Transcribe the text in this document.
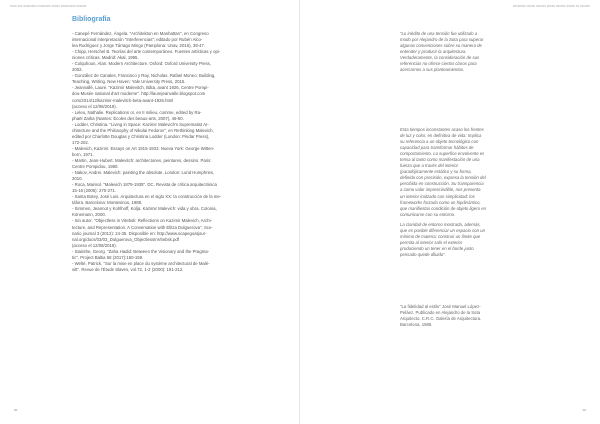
ISSN 000 00000000 00000000 00000 000000000 000000
Bibliografía
- Canepé Fernández, Ángela. "Architekton en Manhattan", en Congreso
internacional interpretación "Interferencias"; editado por Rubén Alco-
lea Rodríguez y Jorge Tárrago Mingo (Pamplona: Unav, 2016), 38-47.
- Chipp, Herschel B. Teorías del arte contemporáneo. Fuentes artísticas y opi-
niones críticas. Madrid: Akal, 1995.
- Colquhoun, Alan. Modern Architecture. Oxford: Oxford University Press,
2002.
- González de Canales, Francisco y Ray, Nicholas. Rafael Moneo: Building,
Teaching, Writing. New Haven: Yale University Press, 2015.
- Jeanvallé, Laure. "Kazimir Malevitch, Bâta, avant 1926, Centre Pompi-
dou-Musée national d'art moderne". http://laurejeanvalle.blogspot.com
com/2014/12/kazimir-malevitch-beta-avant-1926.html
(acceso el 12/08/2019).
- Leleu, Nathalie. Replications or, en II milieu, comme, edited by Ra-
phaël Zarka (Nantes: Écoles des beaux-arts, 2007), 46-60.
- Lodder, Christina. "Living in Space: Kazimir Malevich's Suprematist Ar-
chitecture and the Philosophy of Nikolai Fedorov", en Rethinking Malevich,
edited por Charlotte Douglas y Christina Lodder (London: Pindar Press),
172-202.
- Malevich, Kazimir. Essays on Art 1915-1933. Nueva York: George Witten-
born, 1971.
- Martin, Jean-Hubert. Malevitch: architectones, peintures, dessins. Paris:
Centre Pompidou, 1980.
- Nakov, Andrei. Malevich: painting the absolute. London: Lund Humphries,
2010.
- Roca, Marisol. "Malevich 1879-1935". DC. Revista de crítica arquitectónica
15-16 (2006): 270-271.
- Santa Botey, José Luis. Arquitectura en el siglo XX: la construcción de la me-
táfora. Barcelona: Montesinos, 1988.
- Simmen, Jeannot y Kohlhoff, Kolja. Kazimir Malevich: vida y obra. Colonia,
Könemann, 2000.
- Sin autor. "Objectless in Vitebsk: Reflections on Kazimir Malevich, Archi-
tecture, and Representation. A Conversation with Elitza Dulguerova", Sce-
nario journal 3 (2012): 24-35. Disponible en: http://www.scapegoatjour-
nal.org/docs/03/03_Dulguerova_ObjectlessInVitebsk.pdf
(acceso el 12/08/2019).
- Stainthe, Georg. "Zaha Hadid: Between the Visionary and the Pragma-
tic". Project Baltia 58 (2017):150-159.
- Welté, Patrick. "Sur la mise en place du système architectural de Malé-
vitt". Revue de l'Étude Slaves, vol.72, 1-2 (2000): 191-212.
00
00000000 00000 000000 00000 000000 00000 00 000000
00
"Lo inédito de una tensión fue utilizado a modo por Alejandro de la Sota para superar algunas convenciones sobre su manera de entender y producir la arquitectura. Verdaderamente, la consideración de sus referencias no ofrece ciertos claros para acercarnos a sus planteamientos.
Esta tiempos inconstantes acaso los frentes de luz y color, en definitiva de vida: Implica su referencia a un objeto tecnológico con capacidad para transformar hábitos de comportamiento. Lo superfice envolvente es tensa al tanto como manifestación de una fuerza que a través del interior (paradójicamente estático y su forma, definida con precisión, expresa la tensión del percibida en construcción. Su transparencia a como valor imprescindible, nos presenta un interior inalzado con simplicidad: los frameworks forzada como un hipdinámico, que manifiestas condición de objeto ligero en comunicarse con su entorno.
La claridad de entorno mostrada, además, que es posible diferenciar un espacio con un mínimo de materia; construir un límite que permita al interior salir el exterior produciendo un tener en el borde justo pensado quede diluido".
"La fidelidad al estilo" José Manuel López-Peláez. Publicado en Alejandro de la Sota Arquitecto. C.R.C. Galería de Arquitectura. Barcelona, 1985.
